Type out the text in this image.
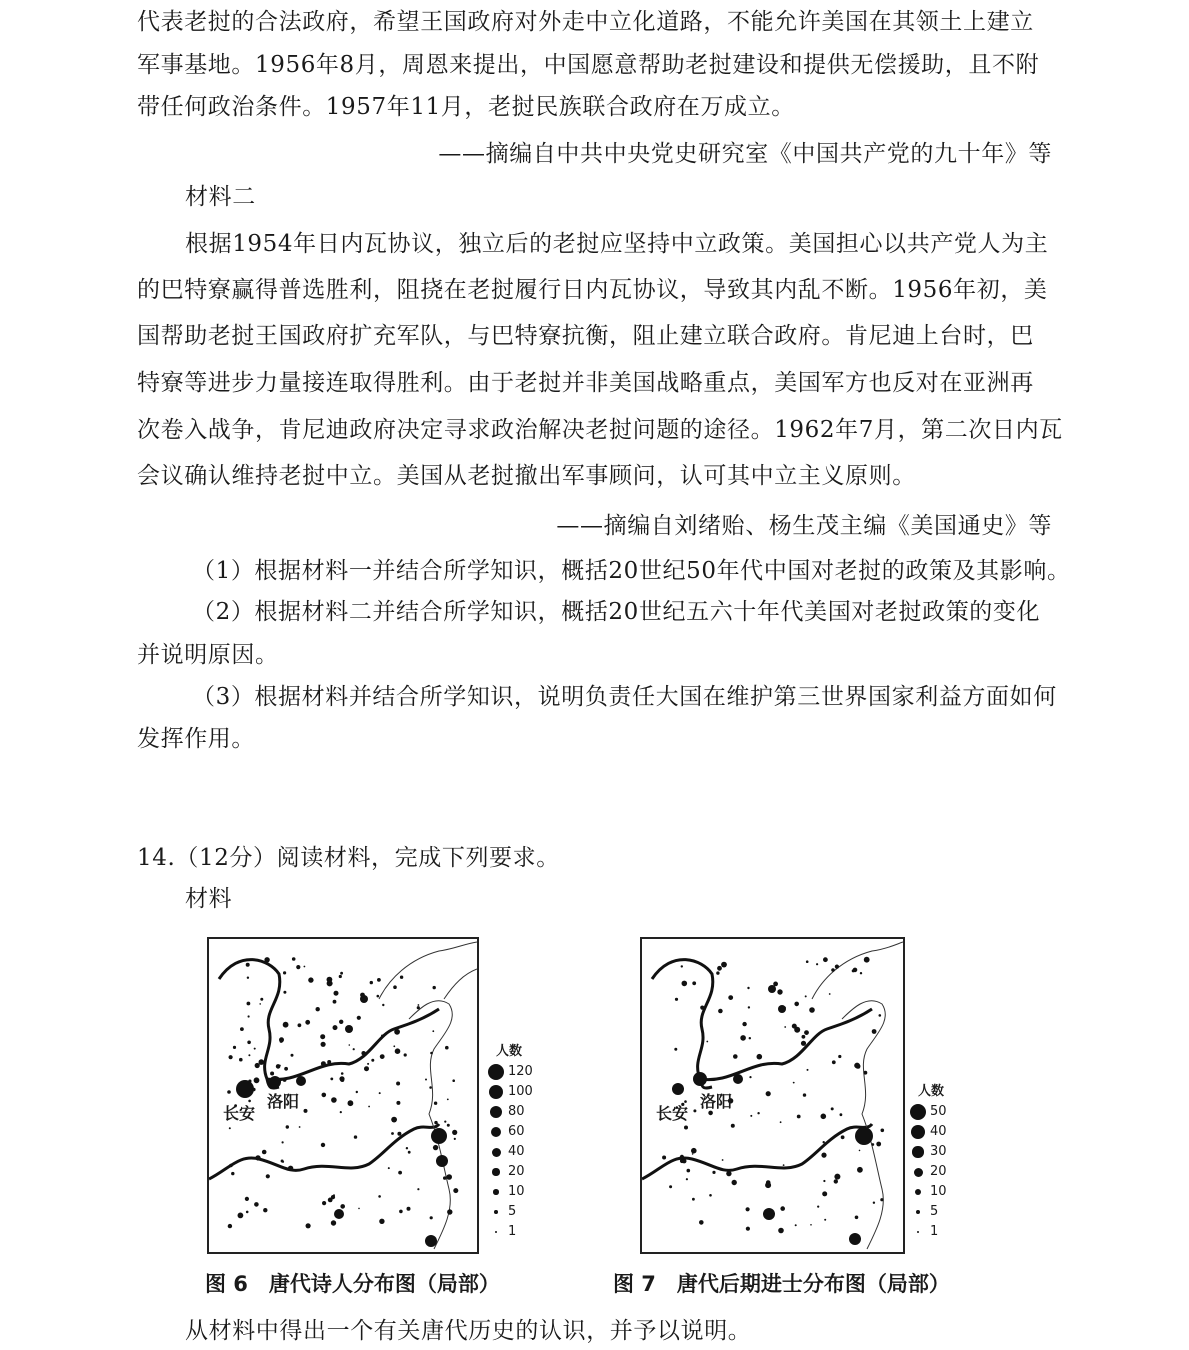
代表老挝的合法政府，希望王国政府对外走中立化道路，不能允许美国在其领土上建立
军事基地。1956年8月，周恩来提出，中国愿意帮助老挝建设和提供无偿援助，且不附
带任何政治条件。1957年11月，老挝民族联合政府在万成立。
——摘编自中共中央党史研究室《中国共产党的九十年》等
材料二
根据1954年日内瓦协议，独立后的老挝应坚持中立政策。美国担心以共产党人为主
的巴特寮赢得普选胜利，阻挠在老挝履行日内瓦协议，导致其内乱不断。1956年初，美
国帮助老挝王国政府扩充军队，与巴特寮抗衡，阻止建立联合政府。肯尼迪上台时，巴
特寮等进步力量接连取得胜利。由于老挝并非美国战略重点，美国军方也反对在亚洲再
次卷入战争，肯尼迪政府决定寻求政治解决老挝问题的途径。1962年7月，第二次日内瓦
会议确认维持老挝中立。美国从老挝撤出军事顾问，认可其中立主义原则。
——摘编自刘绪贻、杨生茂主编《美国通史》等
（1）根据材料一并结合所学知识，概括20世纪50年代中国对老挝的政策及其影响。
（2）根据材料二并结合所学知识，概括20世纪五六十年代美国对老挝政策的变化
并说明原因。
（3）根据材料并结合所学知识，说明负责任大国在维护第三世界国家利益方面如何
发挥作用。
14.（12分）阅读材料，完成下列要求。
材料
长安
洛阳
人数
120
100
80
60
40
20
10
5
1
长安
洛阳
人数
50
40
30
20
10
5
1
图 6　唐代诗人分布图（局部）	图 7　唐代后期进士分布图（局部）
从材料中得出一个有关唐代历史的认识，并予以说明。
